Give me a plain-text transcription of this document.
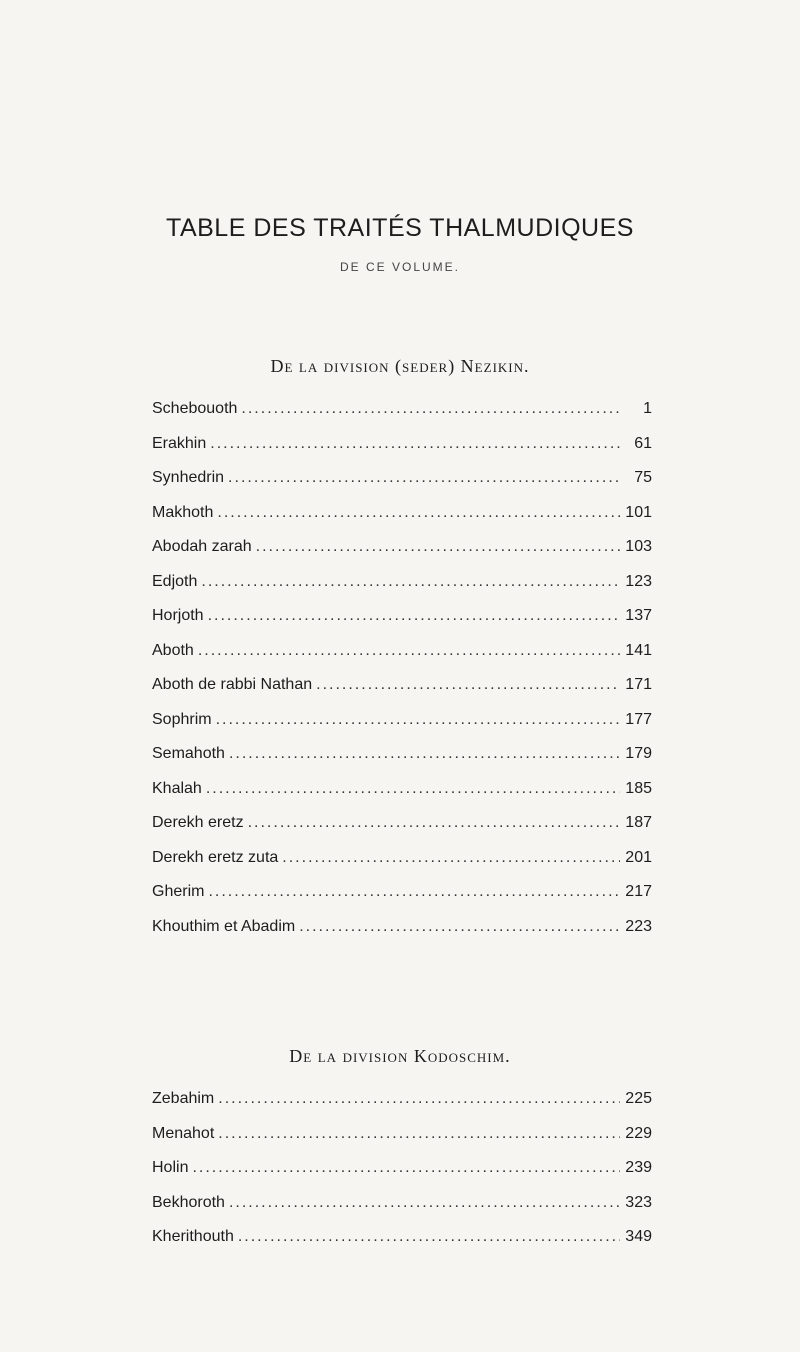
TABLE DES TRAITÉS THALMUDIQUES
DE CE VOLUME.
De la division (seder) Nezikin.
Schebouoth .....	1
Erakhin .....	61
Synhedrin .....	75
Makhoth .....	101
Abodah zarah .....	103
Edjoth .....	123
Horjoth .....	137
Aboth .....	141
Aboth de rabbi Nathan .....	171
Sophrim .....	177
Semahoth .....	179
Khalah .....	185
Derekh eretz .....	187
Derekh eretz zuta .....	201
Gherim .....	217
Khouthim et Abadim .....	223
De la division Kodoschim.
Zebahim .....	225
Menahot .....	229
Holin .....	239
Bekhoroth .....	323
Kherithouth .....	349
